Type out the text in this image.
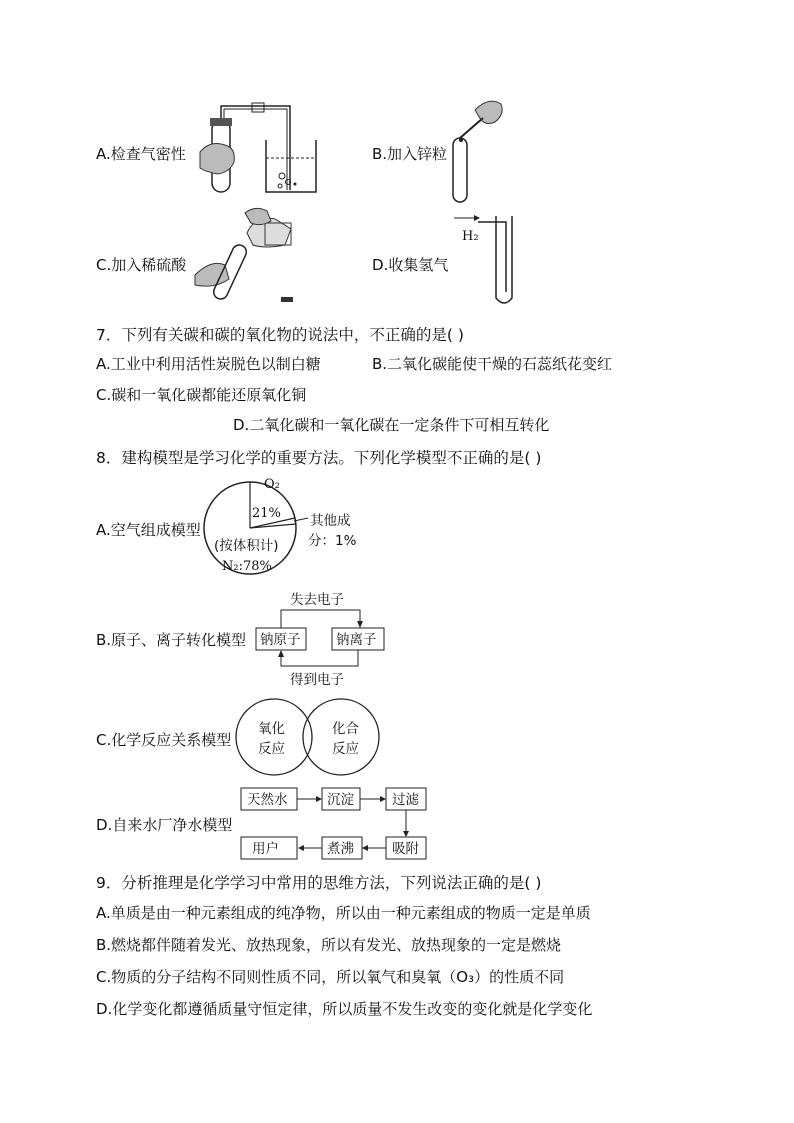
A.检查气密性	B.加入锌粒
C.加入稀硫酸	D.收集氢气
H₂
7．下列有关碳和碳的氧化物的说法中，不正确的是( )
A.工业中利用活性炭脱色以制白糖	B.二氧化碳能使干燥的石蕊纸花变红
C.碳和一氧化碳都能还原氧化铜
D.二氧化碳和一氧化碳在一定条件下可相互转化
8．建构模型是学习化学的重要方法。下列化学模型不正确的是( )
A.空气组成模型
O₂
21% 其他成
分：1%
(按体积计)
N₂:78%
B.原子、离子转化模型
失去电子
钠原子	钠离子
得到电子
C.化学反应关系模型
氧化
反应
化合
反应
D.自来水厂净水模型
天然水	沉淀	过滤
吸附
煮沸
用户
9．分析推理是化学学习中常用的思维方法，下列说法正确的是( )
A.单质是由一种元素组成的纯净物，所以由一种元素组成的物质一定是单质
B.燃烧都伴随着发光、放热现象，所以有发光、放热现象的一定是燃烧
C.物质的分子结构不同则性质不同，所以氧气和臭氧（O₃）的性质不同
D.化学变化都遵循质量守恒定律，所以质量不发生改变的变化就是化学变化
